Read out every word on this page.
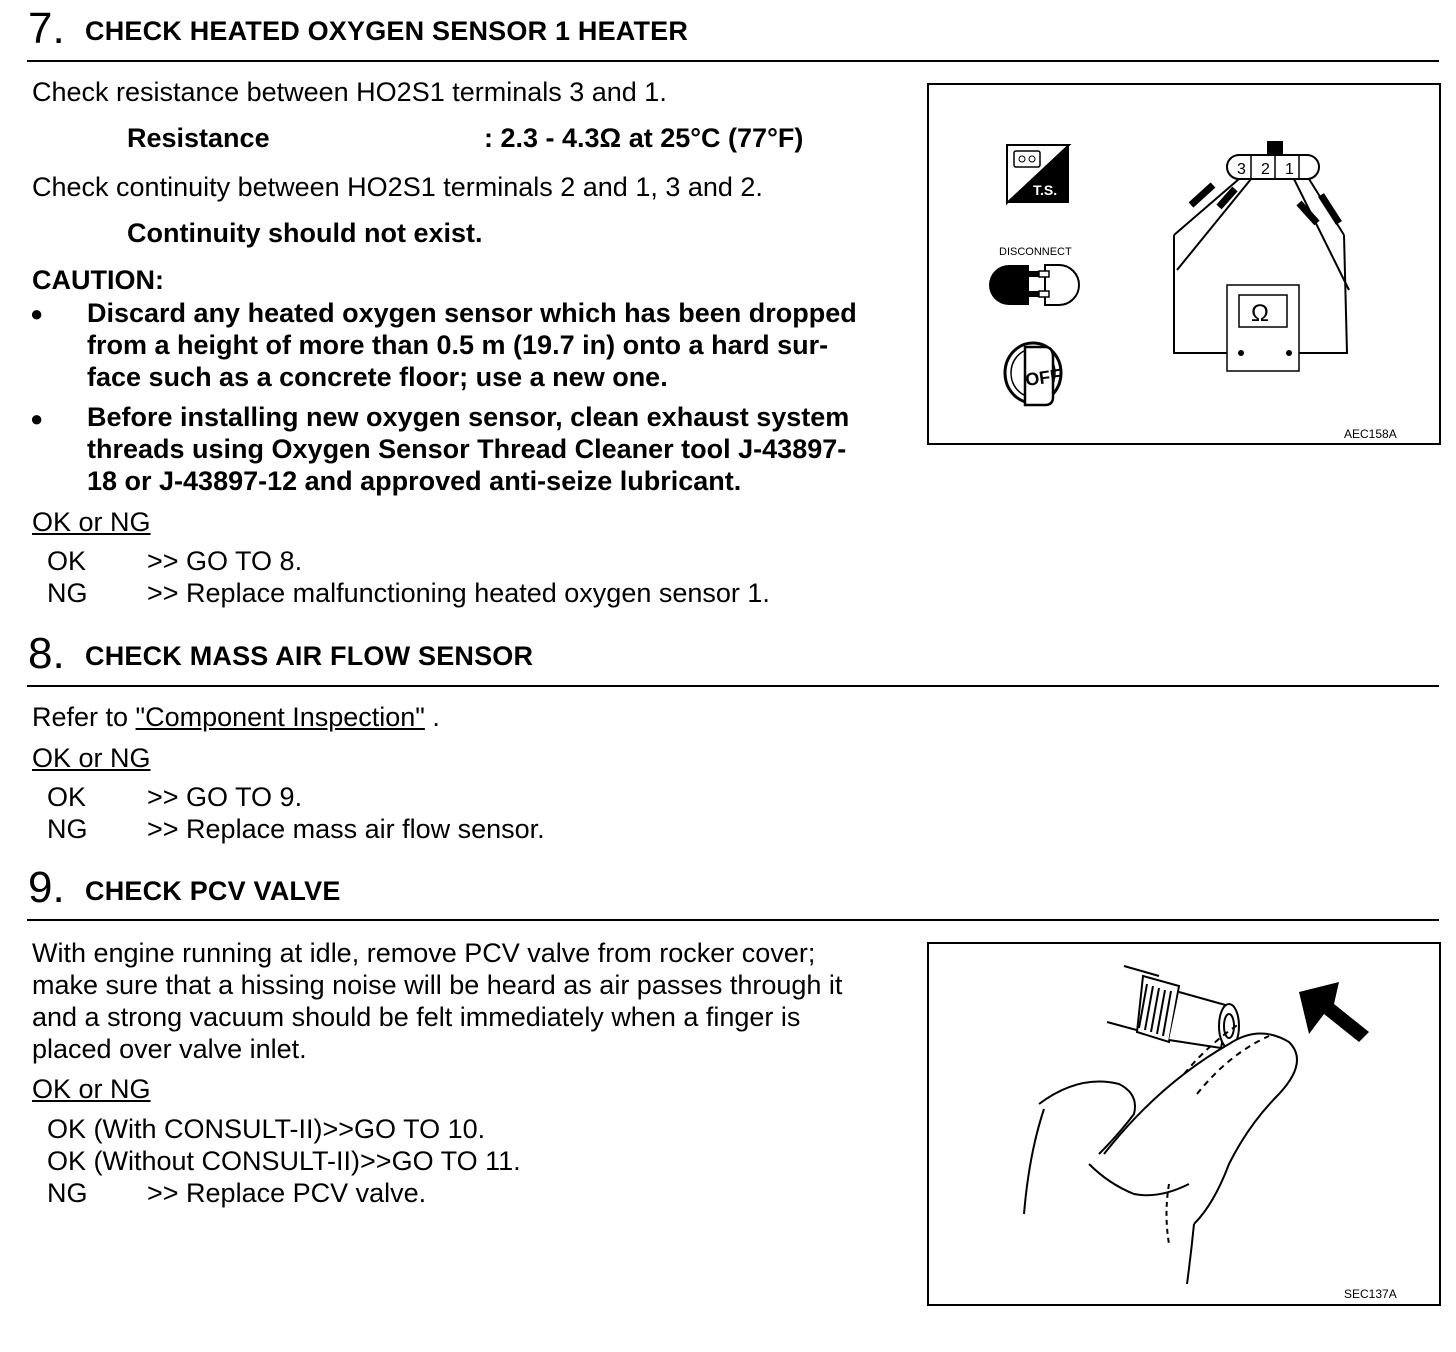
7. CHECK HEATED OXYGEN SENSOR 1 HEATER
Check resistance between HO2S1 terminals 3 and 1.
Resistance	: 2.3 - 4.3Ω at 25°C (77°F)
Check continuity between HO2S1 terminals 2 and 1, 3 and 2.
Continuity should not exist.
CAUTION:
● Discard any heated oxygen sensor which has been dropped
from a height of more than 0.5 m (19.7 in) onto a hard sur-
face such as a concrete floor; use a new one.
● Before installing new oxygen sensor, clean exhaust system
threads using Oxygen Sensor Thread Cleaner tool J-43897-
18 or J-43897-12 and approved anti-seize lubricant.
OK or NG
OK >> GO TO 8.
NG >> Replace malfunctioning heated oxygen sensor 1.
T.S.
DISCONNECT
OFF
3 2 1
Ω
AEC158A
8. CHECK MASS AIR FLOW SENSOR
Refer to "Component Inspection" .
OK or NG
OK >> GO TO 9.
NG >> Replace mass air flow sensor.
9. CHECK PCV VALVE
With engine running at idle, remove PCV valve from rocker cover;
make sure that a hissing noise will be heard as air passes through it
and a strong vacuum should be felt immediately when a finger is
placed over valve inlet.
OK or NG
OK (With CONSULT-II)>>GO TO 10.
OK (Without CONSULT-II)>>GO TO 11.
NG >> Replace PCV valve.
SEC137A
